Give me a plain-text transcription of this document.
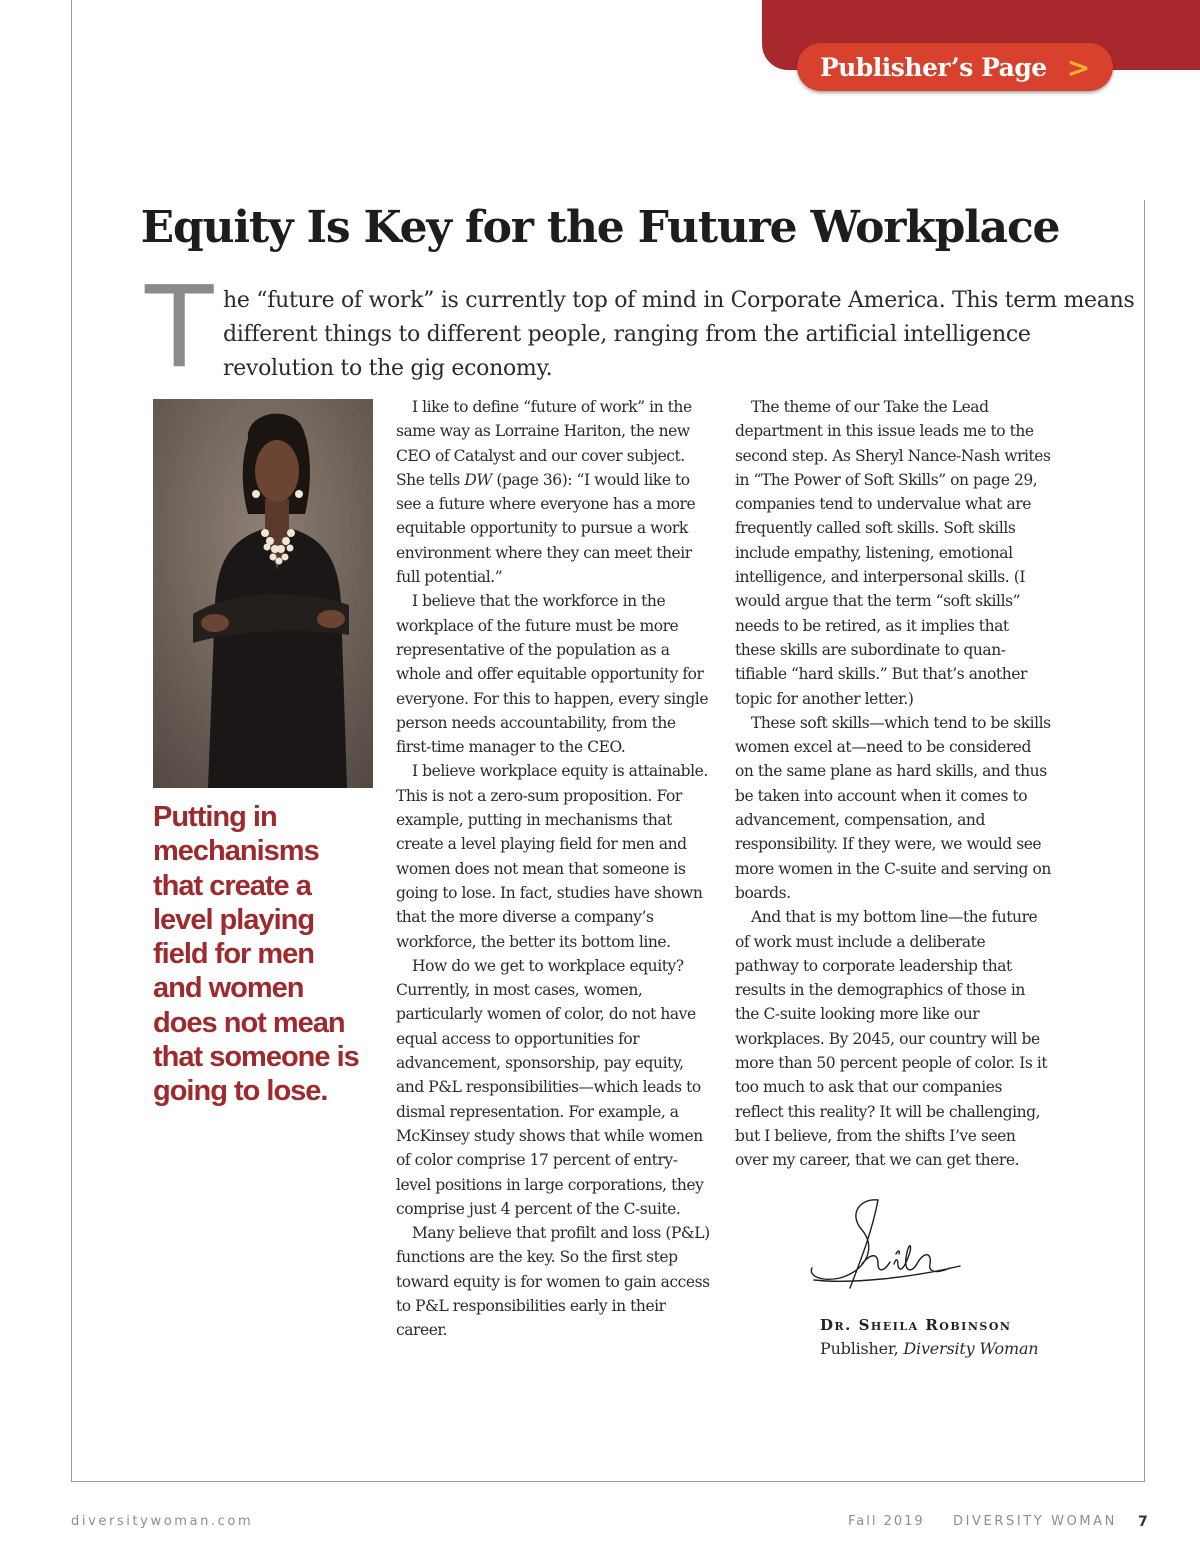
Publisher’s Page >
Equity Is Key for the Future Workplace
T he “future of work” is currently top of mind in Corporate America. This term means different things to different people, ranging from the artificial intelligence revolution to the gig economy.

Putting in mechanisms that create a level playing field for men and women does not mean that someone is going to lose.

I like to define “future of work” in the same way as Lorraine Hariton, the new CEO of Catalyst and our cover subject. She tells DW (page 36): “I would like to see a future where everyone has a more equitable opportunity to pursue a work environment where they can meet their full potential.”

I believe that the workforce in the workplace of the future must be more representative of the population as a whole and offer equitable opportunity for everyone. For this to happen, every single person needs accountability, from the first-time manager to the CEO.

I believe workplace equity is attainable. This is not a zero-sum proposition. For example, putting in mechanisms that create a level playing field for men and women does not mean that someone is going to lose. In fact, studies have shown that the more diverse a company’s workforce, the better its bottom line.

How do we get to workplace equity? Currently, in most cases, women, particularly women of color, do not have equal access to opportunities for advancement, sponsorship, pay equity, and P&L responsibilities—which leads to dismal representation. For example, a McKinsey study shows that while women of color comprise 17 percent of entry-level positions in large corporations, they comprise just 4 percent of the C-suite.

Many believe that profilt and loss (P&L) functions are the key. So the first step toward equity is for women to gain access to P&L responsibilities early in their career.

The theme of our Take the Lead department in this issue leads me to the second step. As Sheryl Nance-Nash writes in “The Power of Soft Skills” on page 29, companies tend to undervalue what are frequently called soft skills. Soft skills include empathy, listening, emotional intelligence, and interpersonal skills. (I would argue that the term “soft skills” needs to be retired, as it implies that these skills are subordinate to quantifiable “hard skills.” But that’s another topic for another letter.)

These soft skills—which tend to be skills women excel at—need to be considered on the same plane as hard skills, and thus be taken into account when it comes to advancement, compensation, and responsibility. If they were, we would see more women in the C-suite and serving on boards.

And that is my bottom line—the future of work must include a deliberate pathway to corporate leadership that results in the demographics of those in the C-suite looking more like our workplaces. By 2045, our country will be more than 50 percent people of color. Is it too much to ask that our companies reflect this reality? It will be challenging, but I believe, from the shifts I’ve seen over my career, that we can get there.

Dr. Sheila Robinson
Publisher, Diversity Woman
diversitywoman.com	Fall 2019 DIVERSITY WOMAN 7
